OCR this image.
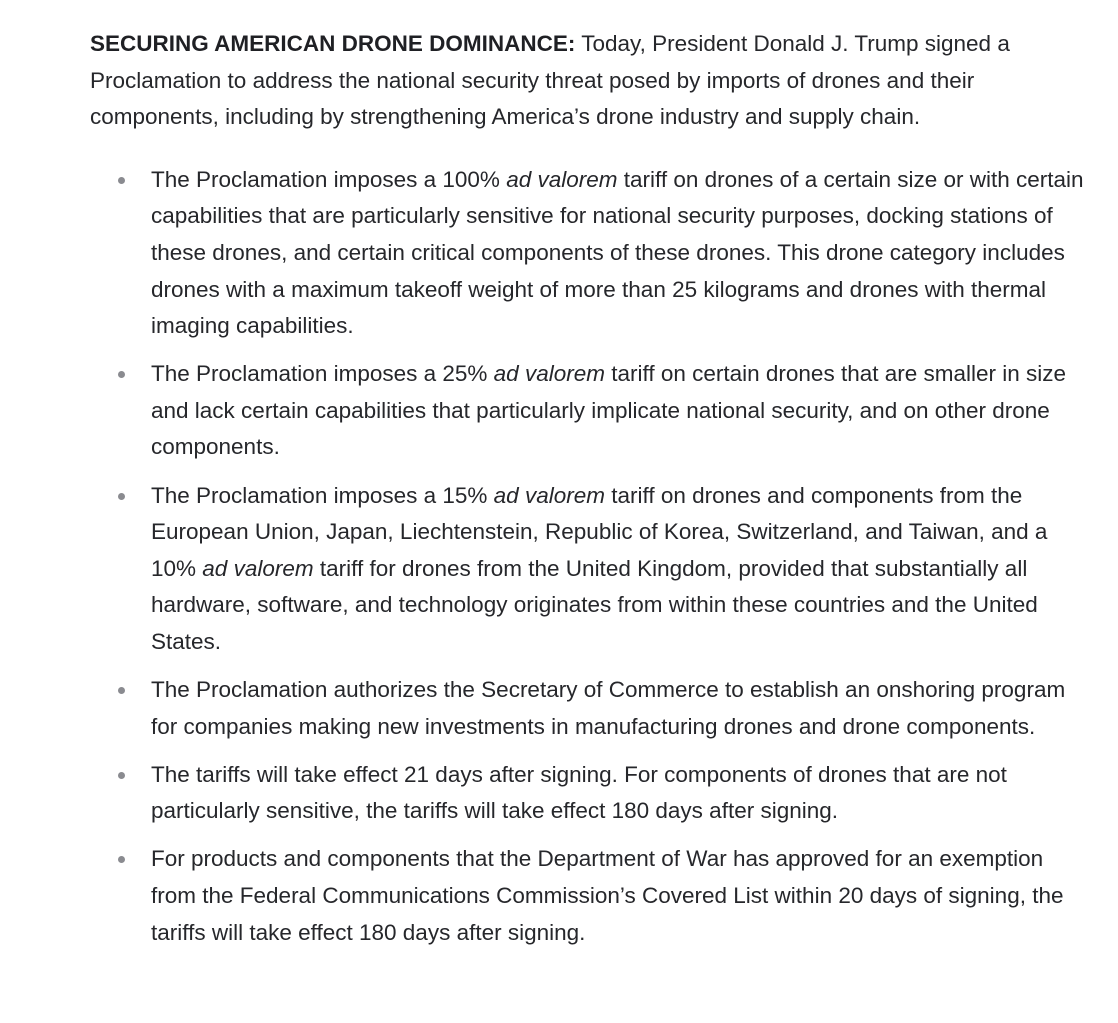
SECURING AMERICAN DRONE DOMINANCE: Today, President Donald J. Trump signed a Proclamation to address the national security threat posed by imports of drones and their components, including by strengthening America’s drone industry and supply chain.

The Proclamation imposes a 100% ad valorem tariff on drones of a certain size or with certain capabilities that are particularly sensitive for national security purposes, docking stations of these drones, and certain critical components of these drones. This drone category includes drones with a maximum takeoff weight of more than 25 kilograms and drones with thermal imaging capabilities.
The Proclamation imposes a 25% ad valorem tariff on certain drones that are smaller in size and lack certain capabilities that particularly implicate national security, and on other drone components.
The Proclamation imposes a 15% ad valorem tariff on drones and components from the European Union, Japan, Liechtenstein, Republic of Korea, Switzerland, and Taiwan, and a 10% ad valorem tariff for drones from the United Kingdom, provided that substantially all hardware, software, and technology originates from within these countries and the United States.
The Proclamation authorizes the Secretary of Commerce to establish an onshoring program for companies making new investments in manufacturing drones and drone components.
The tariffs will take effect 21 days after signing. For components of drones that are not particularly sensitive, the tariffs will take effect 180 days after signing.
For products and components that the Department of War has approved for an exemption from the Federal Communications Commission’s Covered List within 20 days of signing, the tariffs will take effect 180 days after signing.
